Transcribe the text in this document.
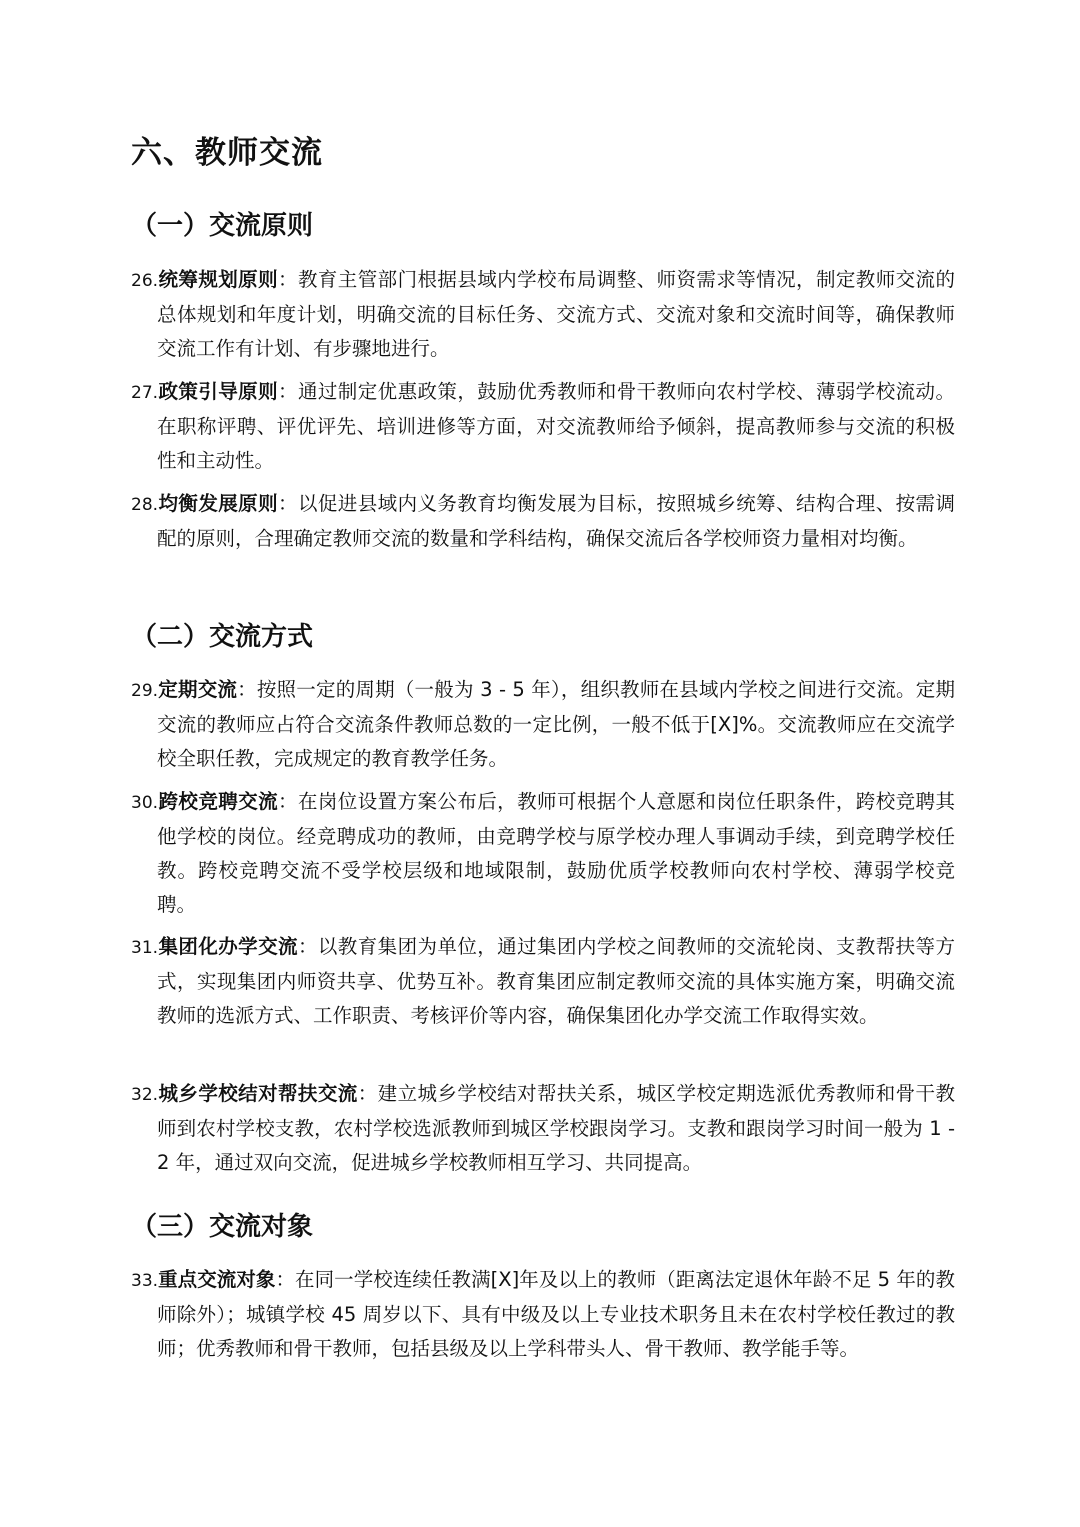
六、教师交流
（一）交流原则
26.统筹规划原则：教育主管部门根据县域内学校布局调整、师资需求等情况，制定教师交流的总体规划和年度计划，明确交流的目标任务、交流方式、交流对象和交流时间等，确保教师交流工作有计划、有步骤地进行。
27.政策引导原则：通过制定优惠政策，鼓励优秀教师和骨干教师向农村学校、薄弱学校流动。在职称评聘、评优评先、培训进修等方面，对交流教师给予倾斜，提高教师参与交流的积极性和主动性。
28.均衡发展原则：以促进县域内义务教育均衡发展为目标，按照城乡统筹、结构合理、按需调配的原则，合理确定教师交流的数量和学科结构，确保交流后各学校师资力量相对均衡。
（二）交流方式
29.定期交流：按照一定的周期（一般为 3 - 5 年），组织教师在县域内学校之间进行交流。定期交流的教师应占符合交流条件教师总数的一定比例，一般不低于[X]%。交流教师应在交流学校全职任教，完成规定的教育教学任务。
30.跨校竞聘交流：在岗位设置方案公布后，教师可根据个人意愿和岗位任职条件，跨校竞聘其他学校的岗位。经竞聘成功的教师，由竞聘学校与原学校办理人事调动手续，到竞聘学校任教。跨校竞聘交流不受学校层级和地域限制，鼓励优质学校教师向农村学校、薄弱学校竞聘。
31.集团化办学交流：以教育集团为单位，通过集团内学校之间教师的交流轮岗、支教帮扶等方式，实现集团内师资共享、优势互补。教育集团应制定教师交流的具体实施方案，明确交流教师的选派方式、工作职责、考核评价等内容，确保集团化办学交流工作取得实效。
32.城乡学校结对帮扶交流：建立城乡学校结对帮扶关系，城区学校定期选派优秀教师和骨干教师到农村学校支教，农村学校选派教师到城区学校跟岗学习。支教和跟岗学习时间一般为 1 - 2 年，通过双向交流，促进城乡学校教师相互学习、共同提高。
（三）交流对象
33.重点交流对象：在同一学校连续任教满[X]年及以上的教师（距离法定退休年龄不足 5 年的教师除外）；城镇学校 45 周岁以下、具有中级及以上专业技术职务且未在农村学校任教过的教师；优秀教师和骨干教师，包括县级及以上学科带头人、骨干教师、教学能手等。
